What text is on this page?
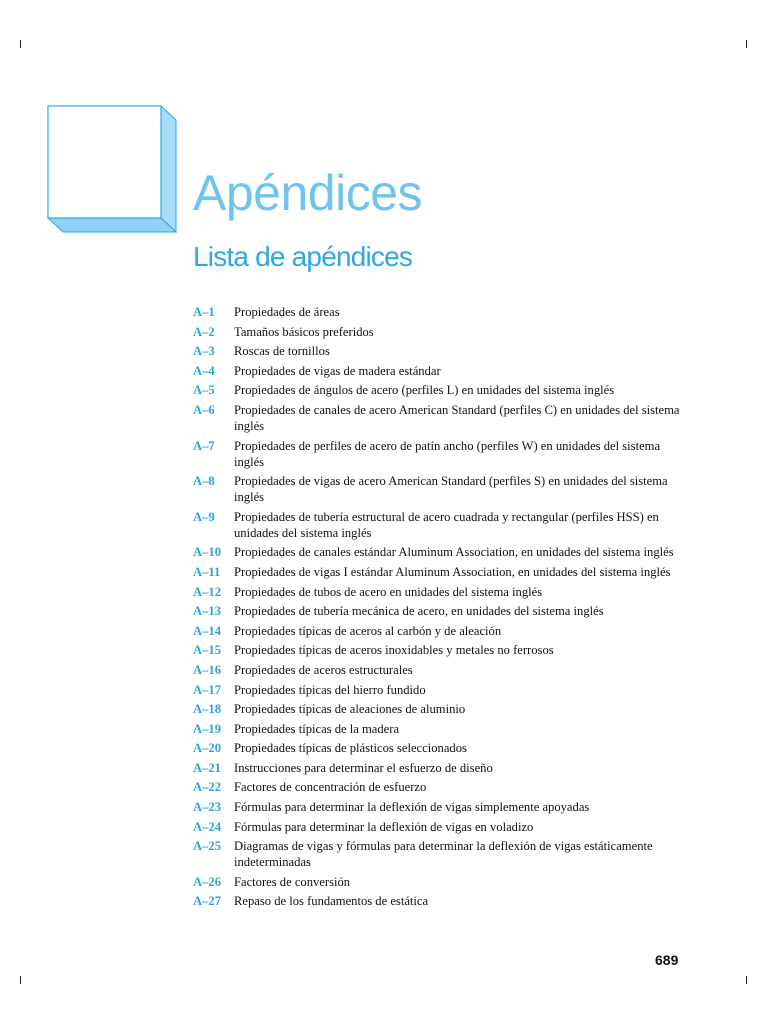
Apéndices
Lista de apéndices
A–1	Propiedades de áreas
A–2	Tamaños básicos preferidos
A–3	Roscas de tornillos
A–4	Propiedades de vigas de madera estándar
A–5	Propiedades de ángulos de acero (perfiles L) en unidades del sistema inglés
A–6	Propiedades de canales de acero American Standard (perfiles C) en unidades del sistema inglés
A–7	Propiedades de perfiles de acero de patín ancho (perfiles W) en unidades del sistema inglés
A–8	Propiedades de vigas de acero American Standard (perfiles S) en unidades del sistema inglés
A–9	Propiedades de tubería estructural de acero cuadrada y rectangular (perfiles HSS) en unidades del sistema inglés
A–10	Propiedades de canales estándar Aluminum Association, en unidades del sistema inglés
A–11	Propiedades de vigas I estándar Aluminum Association, en unidades del sistema inglés
A–12	Propiedades de tubos de acero en unidades del sistema inglés
A–13	Propiedades de tubería mecánica de acero, en unidades del sistema inglés
A–14	Propiedades típicas de aceros al carbón y de aleación
A–15	Propiedades típicas de aceros inoxidables y metales no ferrosos
A–16	Propiedades de aceros estructurales
A–17	Propiedades típicas del hierro fundido
A–18	Propiedades típicas de aleaciones de aluminio
A–19	Propiedades típicas de la madera
A–20	Propiedades típicas de plásticos seleccionados
A–21	Instrucciones para determinar el esfuerzo de diseño
A–22	Factores de concentración de esfuerzo
A–23	Fórmulas para determinar la deflexión de vigas simplemente apoyadas
A–24	Fórmulas para determinar la deflexión de vigas en voladizo
A–25	Diagramas de vigas y fórmulas para determinar la deflexión de vigas estáticamente indeterminadas
A–26	Factores de conversión
A–27	Repaso de los fundamentos de estática
689
